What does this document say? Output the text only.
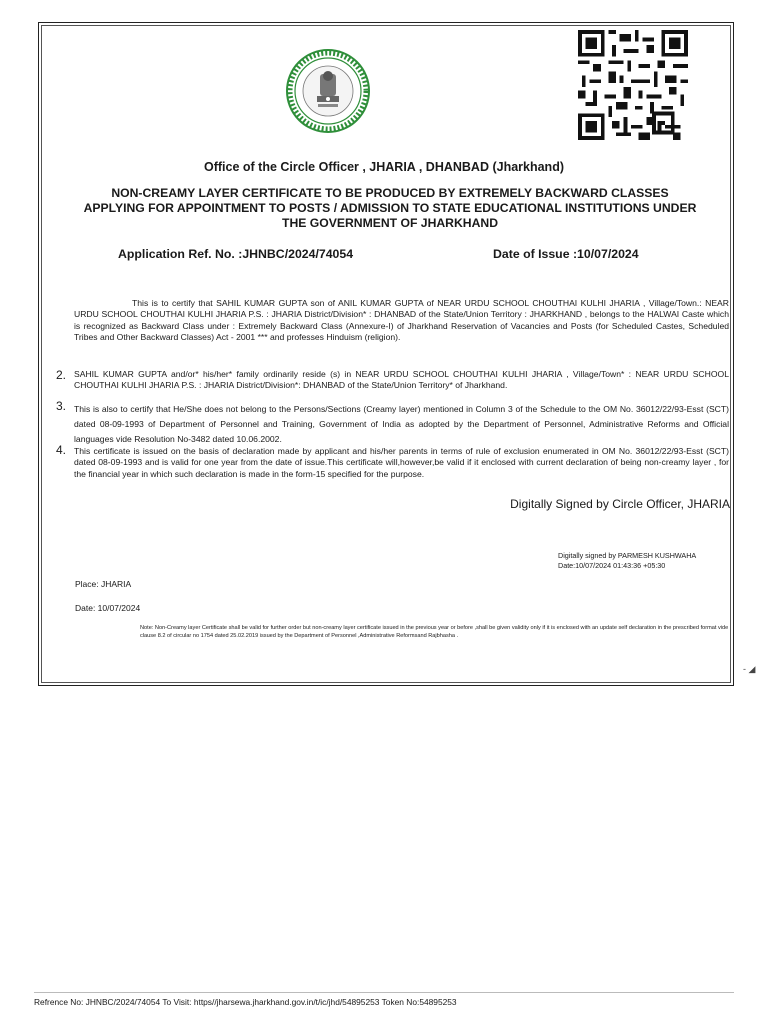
Office of the Circle Officer , JHARIA , DHANBAD (Jharkhand)
NON-CREAMY LAYER CERTIFICATE TO BE PRODUCED BY EXTREMELY BACKWARD CLASSES
APPLYING FOR APPOINTMENT TO POSTS / ADMISSION TO STATE EDUCATIONAL INSTITUTIONS UNDER
THE GOVERNMENT OF JHARKHAND
Application Ref. No. :JHNBC/2024/74054	Date of Issue :10/07/2024
This is to certify that SAHIL KUMAR GUPTA son of ANIL KUMAR GUPTA of NEAR URDU SCHOOL CHOUTHAI KULHI JHARIA , Village/Town.: NEAR URDU SCHOOL CHOUTHAI KULHI JHARIA P.S. : JHARIA District/Division* : DHANBAD of the State/Union Territory : JHARKHAND , belongs to the HALWAI Caste which is recognized as Backward Class under : Extremely Backward Class (Annexure-I) of Jharkhand Reservation of Vacancies and Posts (for Scheduled Castes, Scheduled Tribes and Other Backward Classes) Act - 2001 *** and professes Hinduism (religion).
2. SAHIL KUMAR GUPTA and/or* his/her* family ordinarily reside (s) in NEAR URDU SCHOOL CHOUTHAI KULHI JHARIA , Village/Town* : NEAR URDU SCHOOL CHOUTHAI KULHI JHARIA P.S. : JHARIA District/Division*: DHANBAD of the State/Union Territory* of Jharkhand.
3. This is also to certify that He/She does not belong to the Persons/Sections (Creamy layer) mentioned in Column 3 of the Schedule to the OM No. 36012/22/93-Esst (SCT) dated 08-09-1993 of Department of Personnel and Training, Government of India as adopted by the Department of Personnel, Administrative Reforms and Official languages vide Resolution No-3482 dated 10.06.2002.
4. This certificate is issued on the basis of declaration made by applicant and his/her parents in terms of rule of exclusion enumerated in OM No. 36012/22/93-Esst (SCT) dated 08-09-1993 and is valid for one year from the date of issue.This certificate will,however,be valid if it enclosed with current declaration of being non-creamy layer , for the financial year in which such declaration is made in the form-15 specified for the purpose.
Digitally Signed by Circle Officer, JHARIA
Digitally signed by PARMESH KUSHWAHA
Date:10/07/2024 01:43:36 +05:30
Place: JHARIA
Date: 10/07/2024
Note: Non-Creamy layer Certificate shall be valid for further order but non-creamy layer certificate issued in the previous year or before ,shall be given validity only if it is enclosed with an update self declaration in the prescribed format vide clause 8.2 of circular no 1754 dated 25.02.2019 issued by the Department of Personnel ,Administrative Reformsand Rajbhasha .
- ◢
Refrence No: JHNBC/2024/74054 To Visit: https//jharsewa.jharkhand.gov.in/t/ic/jhd/54895253 Token No:54895253
